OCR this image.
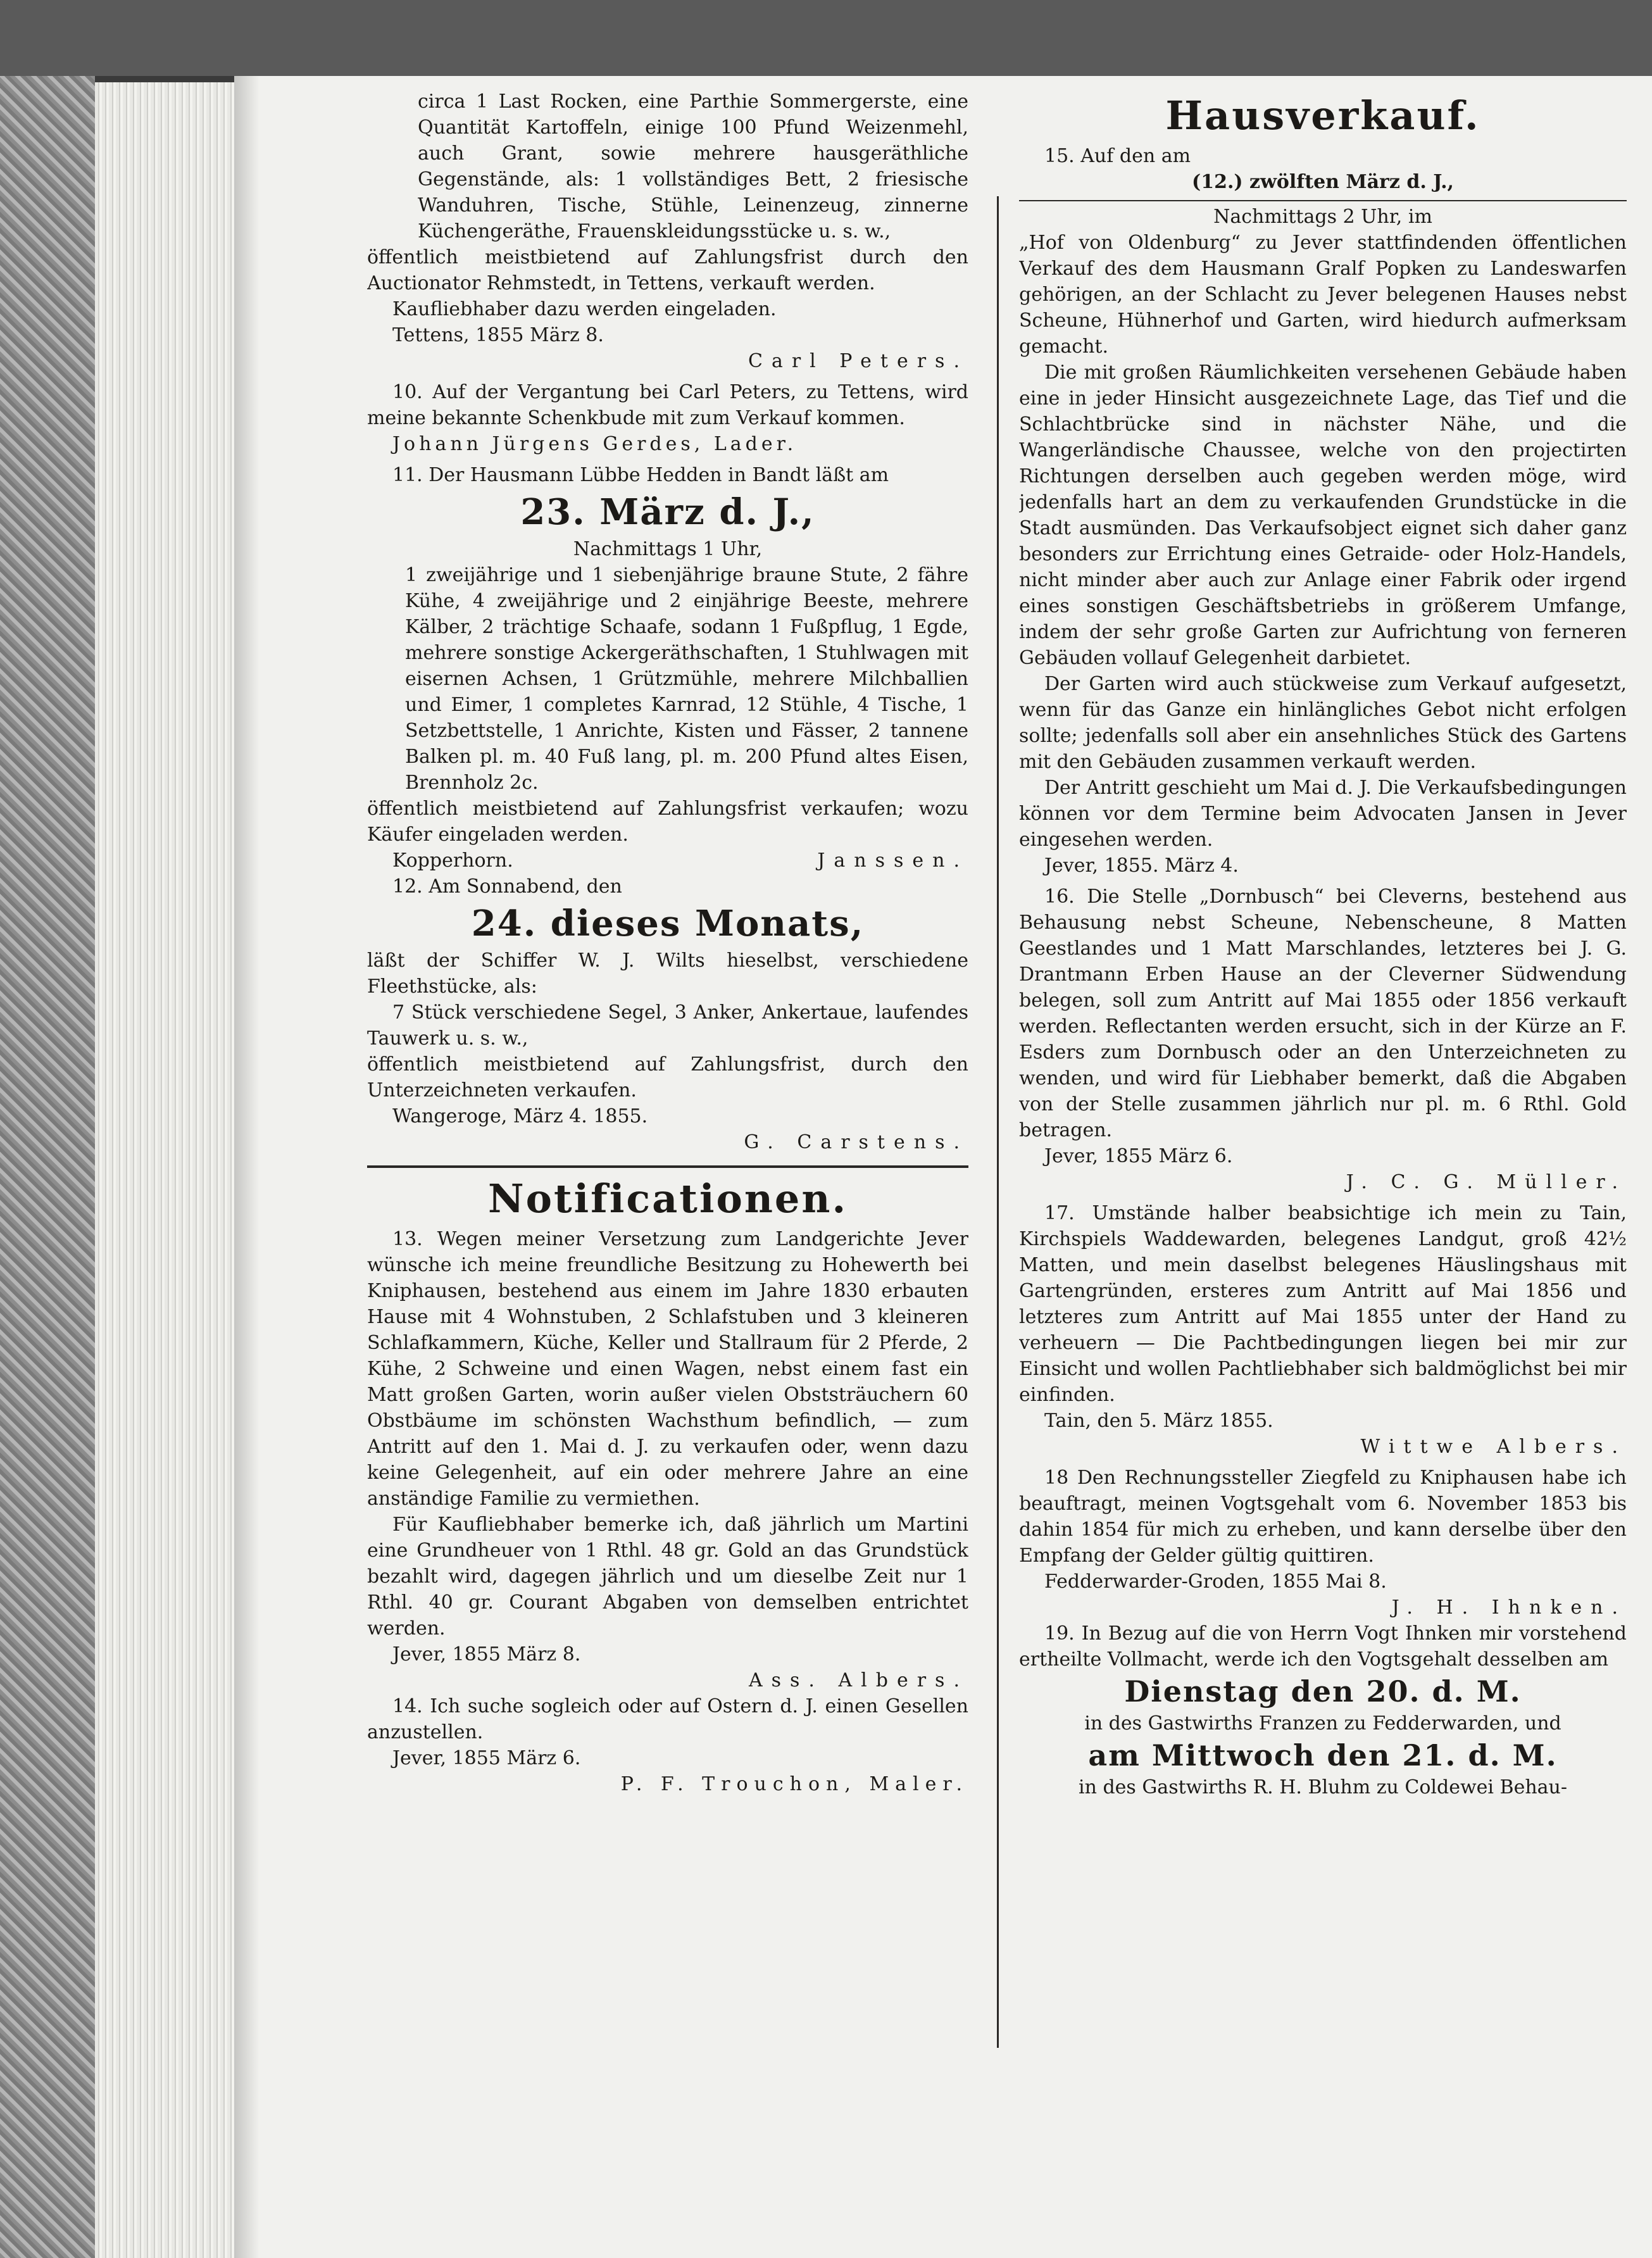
circa 1 Last Rocken, eine Parthie Sommergerste, eine Quantität Kartoffeln, einige 100 Pfund Weizenmehl, auch Grant, sowie mehrere hausgeräthliche Gegenstände, als: 1 vollständiges Bett, 2 friesische Wanduhren, Tische, Stühle, Leinenzeug, zinnerne Küchengeräthe, Frauenskleidungsstücke u. s. w.,

öffentlich meistbietend auf Zahlungsfrist durch den Auctionator Rehmstedt, in Tettens, verkauft werden.

Kaufliebhaber dazu werden eingeladen.

Tettens, 1855 März 8.

Carl Peters.

10. Auf der Vergantung bei Carl Peters, zu Tettens, wird meine bekannte Schenkbude mit zum Verkauf kommen.

Johann Jürgens Gerdes, Lader.

11. Der Hausmann Lübbe Hedden in Bandt läßt am

23. März d. J.,

Nachmittags 1 Uhr,

1 zweijährige und 1 siebenjährige braune Stute, 2 fähre Kühe, 4 zweijährige und 2 einjährige Beeste, mehrere Kälber, 2 trächtige Schaafe, sodann 1 Fußpflug, 1 Egde, mehrere sonstige Ackergeräthschaften, 1 Stuhlwagen mit eisernen Achsen, 1 Grützmühle, mehrere Milchballien und Eimer, 1 completes Karnrad, 12 Stühle, 4 Tische, 1 Setzbettstelle, 1 Anrichte, Kisten und Fässer, 2 tannene Balken pl. m. 40 Fuß lang, pl. m. 200 Pfund altes Eisen, Brennholz 2c.

öffentlich meistbietend auf Zahlungsfrist verkaufen; wozu Käufer eingeladen werden.

Kopperhorn.	Janssen.

12. Am Sonnabend, den

24. dieses Monats,

läßt der Schiffer W. J. Wilts hieselbst, verschiedene Fleethstücke, als:

7 Stück verschiedene Segel, 3 Anker, Ankertaue, laufendes Tauwerk u. s. w.,

öffentlich meistbietend auf Zahlungsfrist, durch den Unterzeichneten verkaufen.

Wangeroge, März 4. 1855.

G. Carstens.

Notificationen.

13. Wegen meiner Versetzung zum Landgerichte Jever wünsche ich meine freundliche Besitzung zu Hohewerth bei Kniphausen, bestehend aus einem im Jahre 1830 erbauten Hause mit 4 Wohnstuben, 2 Schlafstuben und 3 kleineren Schlafkammern, Küche, Keller und Stallraum für 2 Pferde, 2 Kühe, 2 Schweine und einen Wagen, nebst einem fast ein Matt großen Garten, worin außer vielen Obststräuchern 60 Obstbäume im schönsten Wachsthum befindlich, — zum Antritt auf den 1. Mai d. J. zu verkaufen oder, wenn dazu keine Gelegenheit, auf ein oder mehrere Jahre an eine anständige Familie zu vermiethen.

Für Kaufliebhaber bemerke ich, daß jährlich um Martini eine Grundheuer von 1 Rthl. 48 gr. Gold an das Grundstück bezahlt wird, dagegen jährlich und um dieselbe Zeit nur 1 Rthl. 40 gr. Courant Abgaben von demselben entrichtet werden.

Jever, 1855 März 8.

Ass. Albers.

14. Ich suche sogleich oder auf Ostern d. J. einen Gesellen anzustellen.

Jever, 1855 März 6.

P. F. Trouchon, Maler.

Hausverkauf.

15. Auf den am

(12.) zwölften März d. J.,

Nachmittags 2 Uhr, im

„Hof von Oldenburg“ zu Jever stattfindenden öffentlichen Verkauf des dem Hausmann Gralf Popken zu Landeswarfen gehörigen, an der Schlacht zu Jever belegenen Hauses nebst Scheune, Hühnerhof und Garten, wird hiedurch aufmerksam gemacht.

Die mit großen Räumlichkeiten versehenen Gebäude haben eine in jeder Hinsicht ausgezeichnete Lage, das Tief und die Schlachtbrücke sind in nächster Nähe, und die Wangerländische Chaussee, welche von den projectirten Richtungen derselben auch gegeben werden möge, wird jedenfalls hart an dem zu verkaufenden Grundstücke in die Stadt ausmünden. Das Verkaufsobject eignet sich daher ganz besonders zur Errichtung eines Getraide- oder Holz-Handels, nicht minder aber auch zur Anlage einer Fabrik oder irgend eines sonstigen Geschäftsbetriebs in größerem Umfange, indem der sehr große Garten zur Aufrichtung von ferneren Gebäuden vollauf Gelegenheit darbietet.

Der Garten wird auch stückweise zum Verkauf aufgesetzt, wenn für das Ganze ein hinlängliches Gebot nicht erfolgen sollte; jedenfalls soll aber ein ansehnliches Stück des Gartens mit den Gebäuden zusammen verkauft werden.

Der Antritt geschieht um Mai d. J. Die Verkaufsbedingungen können vor dem Termine beim Advocaten Jansen in Jever eingesehen werden.

Jever, 1855. März 4.

16. Die Stelle „Dornbusch“ bei Cleverns, bestehend aus Behausung nebst Scheune, Nebenscheune, 8 Matten Geestlandes und 1 Matt Marschlandes, letzteres bei J. G. Drantmann Erben Hause an der Cleverner Südwendung belegen, soll zum Antritt auf Mai 1855 oder 1856 verkauft werden. Reflectanten werden ersucht, sich in der Kürze an F. Esders zum Dornbusch oder an den Unterzeichneten zu wenden, und wird für Liebhaber bemerkt, daß die Abgaben von der Stelle zusammen jährlich nur pl. m. 6 Rthl. Gold betragen.

Jever, 1855 März 6.

J. C. G. Müller.

17. Umstände halber beabsichtige ich mein zu Tain, Kirchspiels Waddewarden, belegenes Landgut, groß 42½ Matten, und mein daselbst belegenes Häuslingshaus mit Gartengründen, ersteres zum Antritt auf Mai 1856 und letzteres zum Antritt auf Mai 1855 unter der Hand zu verheuern — Die Pachtbedingungen liegen bei mir zur Einsicht und wollen Pachtliebhaber sich baldmöglichst bei mir einfinden.

Tain, den 5. März 1855.

Wittwe Albers.

18 Den Rechnungssteller Ziegfeld zu Kniphausen habe ich beauftragt, meinen Vogtsgehalt vom 6. November 1853 bis dahin 1854 für mich zu erheben, und kann derselbe über den Empfang der Gelder gültig quittiren.

Fedderwarder-Groden, 1855 Mai 8.

J. H. Ihnken.

19. In Bezug auf die von Herrn Vogt Ihnken mir vorstehend ertheilte Vollmacht, werde ich den Vogtsgehalt desselben am

Dienstag den 20. d. M.

in des Gastwirths Franzen zu Fedderwarden, und

am Mittwoch den 21. d. M.

in des Gastwirths R. H. Bluhm zu Coldewei Behau-
